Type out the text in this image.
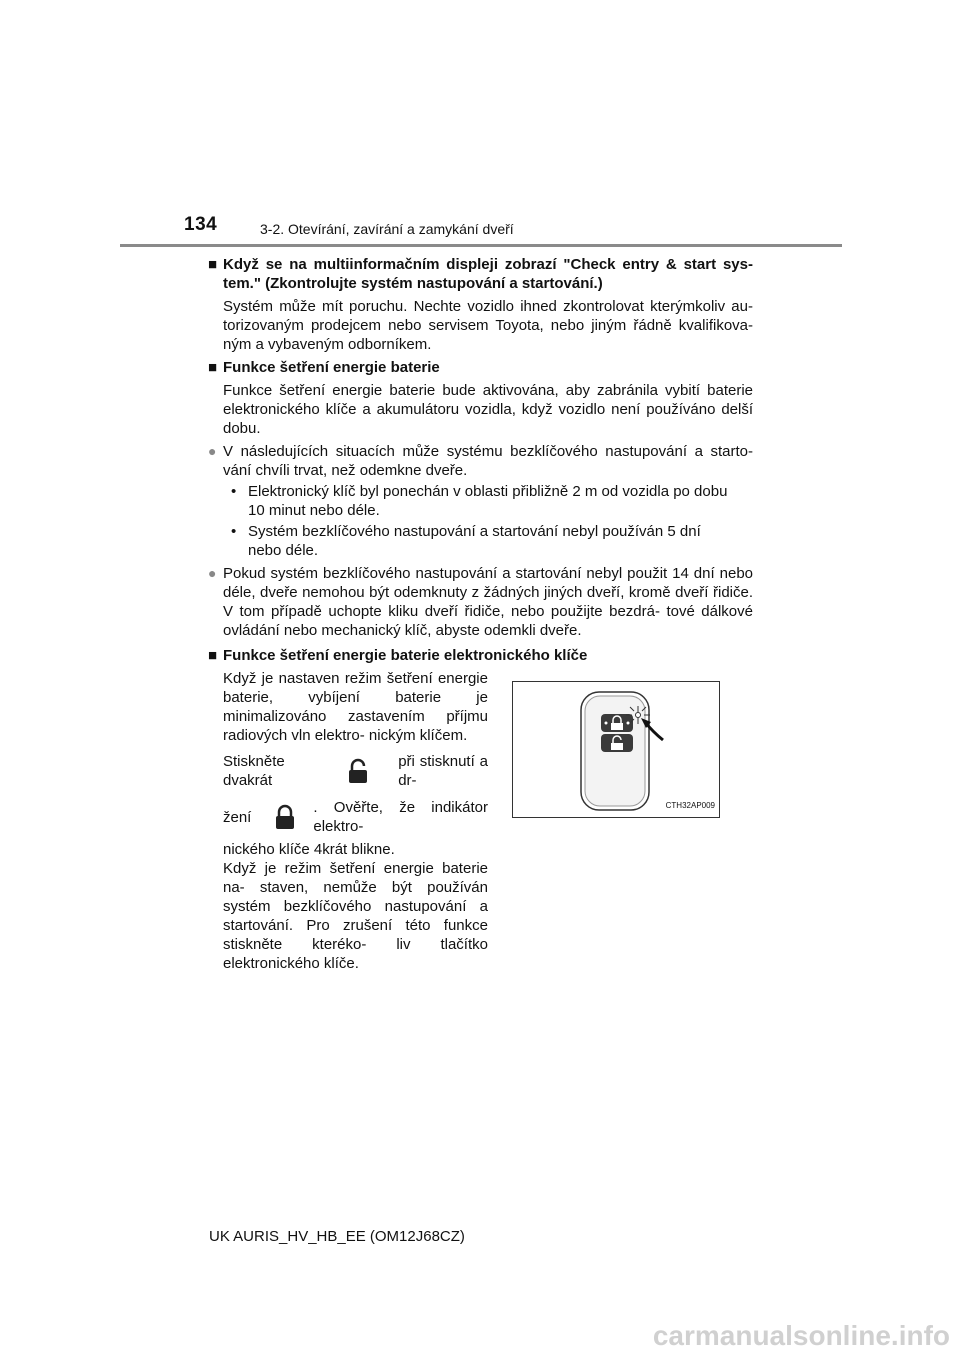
134	3-2. Otevírání, zavírání a zamykání dveří
■ Když se na multiinformačním displeji zobrazí "Check entry & start sys- tem." (Zkontrolujte systém nastupování a startování.)
Systém může mít poruchu. Nechte vozidlo ihned zkontrolovat kterýmkoliv au- torizovaným prodejcem nebo servisem Toyota, nebo jiným řádně kvalifikova- ným a vybaveným odborníkem.
■ Funkce šetření energie baterie
Funkce šetření energie baterie bude aktivována, aby zabránila vybití baterie elektronického klíče a akumulátoru vozidla, když vozidlo není používáno delší dobu.
● V následujících situacích může systému bezklíčového nastupování a starto- vání chvíli trvat, než odemkne dveře.
• Elektronický klíč byl ponechán v oblasti přibližně 2 m od vozidla po dobu 10 minut nebo déle.
• Systém bezklíčového nastupování a startování nebyl používán 5 dní nebo déle.
● Pokud systém bezklíčového nastupování a startování nebyl použit 14 dní nebo déle, dveře nemohou být odemknuty z žádných jiných dveří, kromě dveří řidiče. V tom případě uchopte kliku dveří řidiče, nebo použijte bezdrá- tové dálkové ovládání nebo mechanický klíč, abyste odemkli dveře.
■ Funkce šetření energie baterie elektronického klíče

Když je nastaven režim šetření energie baterie, vybíjení baterie je minimalizováno zastavením příjmu radiových vln elektro- nickým klíčem.

Stiskněte dvakrát
při stisknutí a dr-
žení
. Ověřte, že indikátor elektro-
nického klíče 4krát blikne.

Když je režim šetření energie baterie na- staven, nemůže být používán systém bezklíčového nastupování a startování. Pro zrušení této funkce stiskněte kteréko- liv tlačítko elektronického klíče.

CTH32AP009
UK AURIS_HV_HB_EE (OM12J68CZ)
carmanualsonline.info
